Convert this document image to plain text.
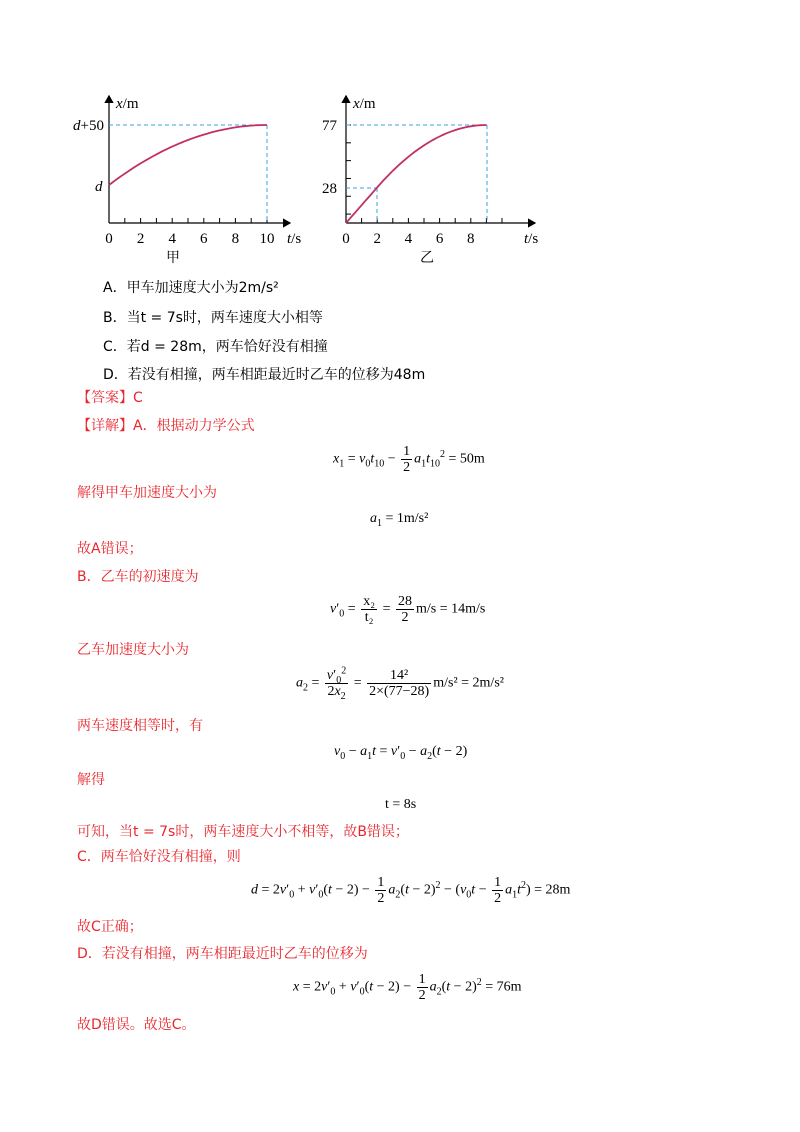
x/m
t/s
d+50
d
0 2 4 6 8 10
甲
x/m
t/s
77
28
0 2 4 6 8
乙
A．甲车加速度大小为2m/s²
B．当t = 7s时，两车速度大小相等
C．若d = 28m，两车恰好没有相撞
D．若没有相撞，两车相距最近时乙车的位移为48m
【答案】C
【详解】A．根据动力学公式
$x_1 = v_0t_{10} - \frac{1}{2} a_1t_{10}^2 = 50m$
解得甲车加速度大小为
$a_1 = 1m/s^2$
故A错误；
B．乙车的初速度为
$v'_0 = \frac{\text{x₂}}{\text{t₂}} = \frac{28}{2} m/s = 14m/s$
乙车加速度大小为
$a_2 = \frac{v'_0^2}{2x_2} = \frac{\text{14²}}{2\times(77-28)} m/s^2 = 2m/s^2$
两车速度相等时，有
$v_0 - a_1t = v'_0 - a_2(t - 2)$
解得
t = 8s
可知，当t = 7s时，两车速度大小不相等，故B错误；
C．两车恰好没有相撞，则
$d = 2v'_0 + v'_0(t - 2) - \frac{1}{2} a_2(t - 2)^2 - (v_0t - \frac{1}{2} a_1t^2) = 28m$
故C正确；
D．若没有相撞，两车相距最近时乙车的位移为
$x = 2v'_0 + v'_0(t - 2) - \frac{1}{2} a_2(t - 2)^2 = 76m$
故D错误。故选C。
